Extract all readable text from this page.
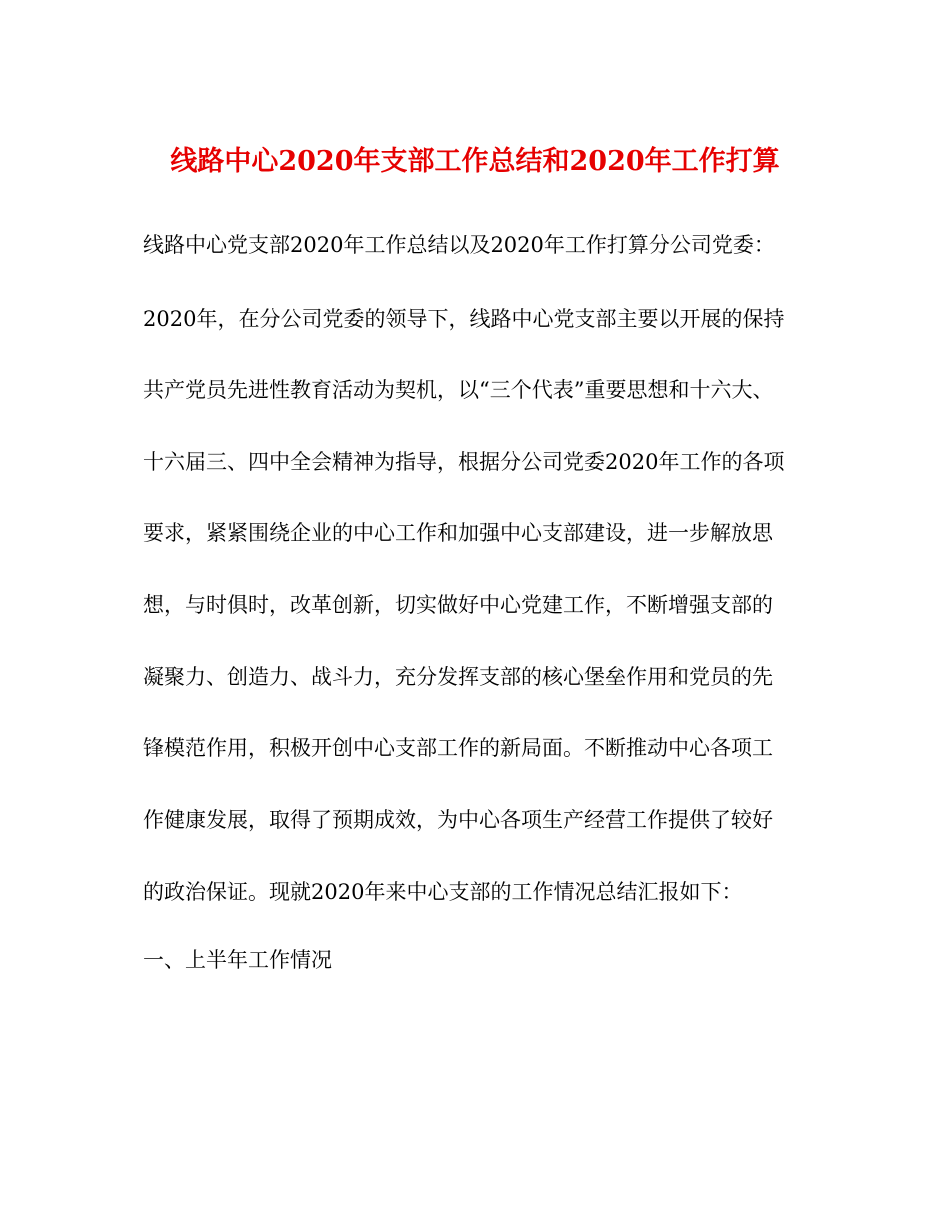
线路中心2020年支部工作总结和2020年工作打算
线路中心党支部2020年工作总结以及2020年工作打算分公司党委：
2020年，在分公司党委的领导下，线路中心党支部主要以开展的保持
共产党员先进性教育活动为契机，以“三个代表”重要思想和十六大、
十六届三、四中全会精神为指导，根据分公司党委2020年工作的各项
要求，紧紧围绕企业的中心工作和加强中心支部建设，进一步解放思
想，与时俱时，改革创新，切实做好中心党建工作，不断增强支部的
凝聚力、创造力、战斗力，充分发挥支部的核心堡垒作用和党员的先
锋模范作用，积极开创中心支部工作的新局面。不断推动中心各项工
作健康发展，取得了预期成效，为中心各项生产经营工作提供了较好
的政治保证。现就2020年来中心支部的工作情况总结汇报如下：
一、上半年工作情况
